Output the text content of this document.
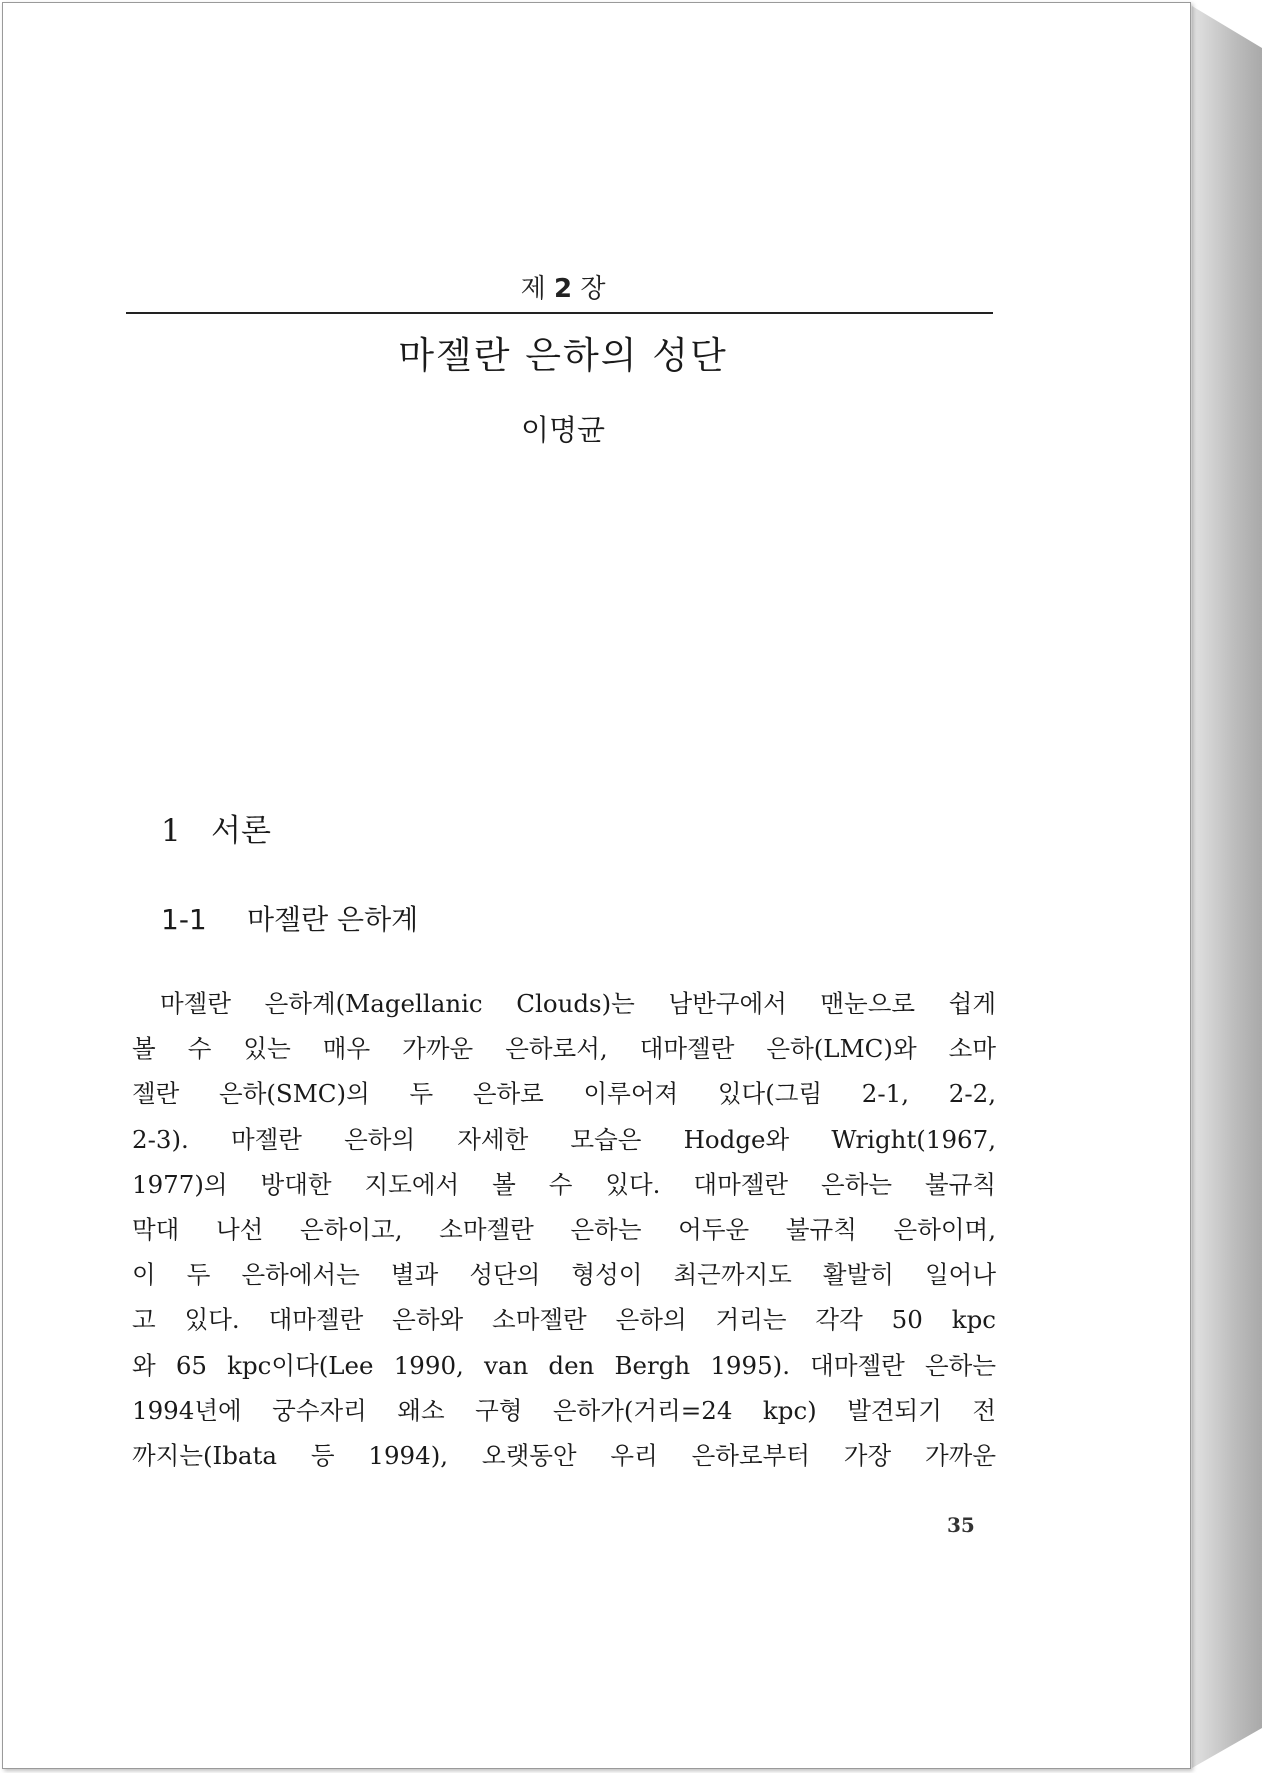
제 2 장
마젤란 은하의 성단
이명균
1 서론
1-1 마젤란 은하계
마젤란 은하계(Magellanic Clouds)는 남반구에서 맨눈으로 쉽게
볼 수 있는 매우 가까운 은하로서, 대마젤란 은하(LMC)와 소마
젤란 은하(SMC)의 두 은하로 이루어져 있다(그림 2-1, 2-2,
2-3). 마젤란 은하의 자세한 모습은 Hodge와 Wright(1967,
1977)의 방대한 지도에서 볼 수 있다. 대마젤란 은하는 불규칙
막대 나선 은하이고, 소마젤란 은하는 어두운 불규칙 은하이며,
이 두 은하에서는 별과 성단의 형성이 최근까지도 활발히 일어나
고 있다. 대마젤란 은하와 소마젤란 은하의 거리는 각각 50 kpc
와 65 kpc이다(Lee 1990, van den Bergh 1995). 대마젤란 은하는
1994년에 궁수자리 왜소 구형 은하가(거리=24 kpc) 발견되기 전
까지는(Ibata 등 1994), 오랫동안 우리 은하로부터 가장 가까운
35
